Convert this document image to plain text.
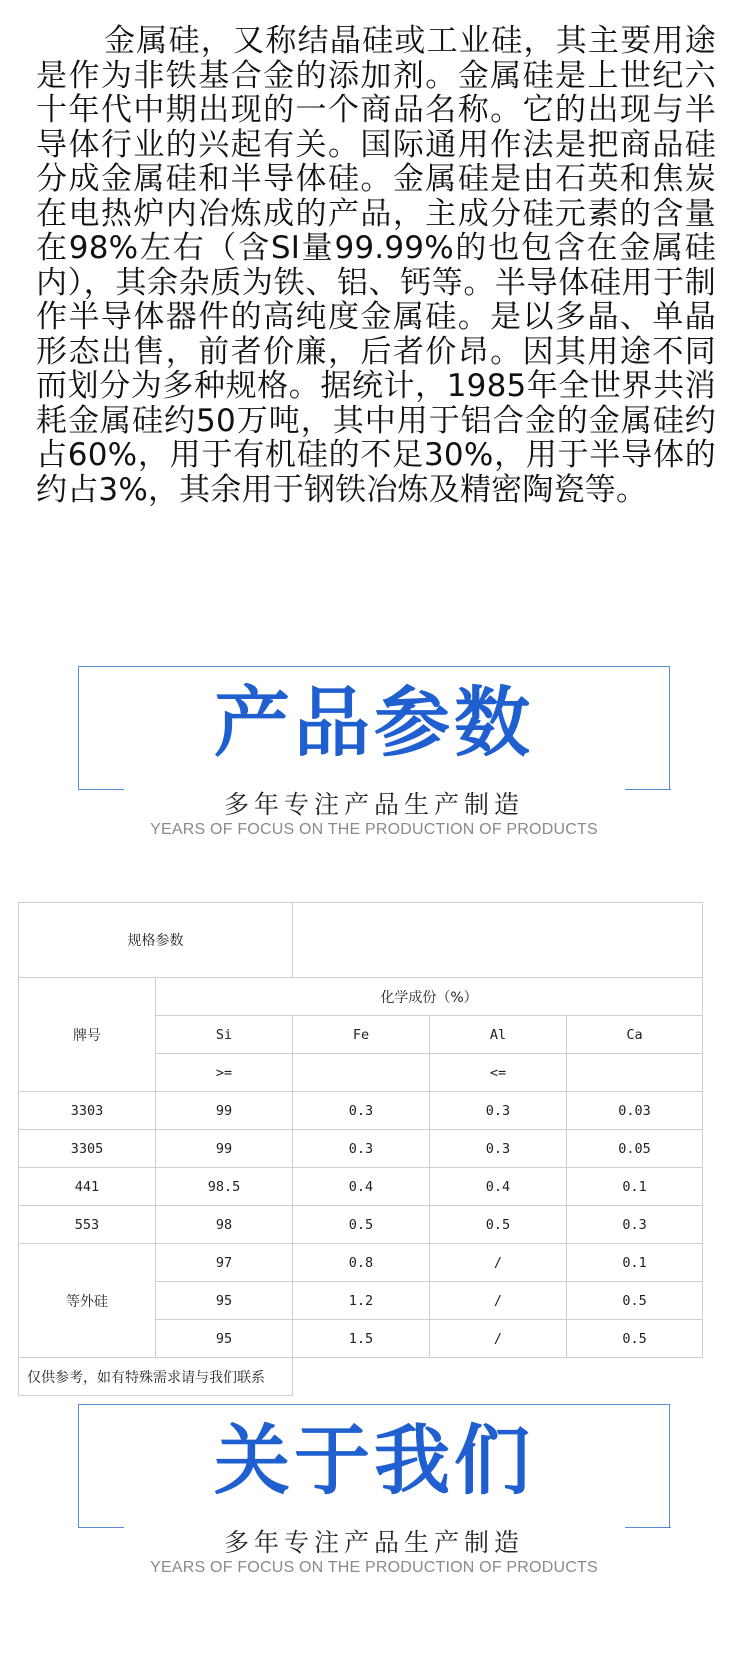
金属硅，又称结晶硅或工业硅，其主要用途是作为非铁基合金的添加剂。金属硅是上世纪六十年代中期出现的一个商品名称。它的出现与半导体行业的兴起有关。国际通用作法是把商品硅分成金属硅和半导体硅。金属硅是由石英和焦炭在电热炉内冶炼成的产品，主成分硅元素的含量在98%左右（含SI量99.99%的也包含在金属硅内），其余杂质为铁、铝、钙等。半导体硅用于制作半导体器件的高纯度金属硅。是以多晶、单晶形态出售，前者价廉，后者价昂。因其用途不同而划分为多种规格。据统计，1985年全世界共消耗金属硅约50万吨，其中用于铝合金的金属硅约占60%，用于有机硅的不足30%，用于半导体的约占3%，其余用于钢铁冶炼及精密陶瓷等。

产品参数
多年专注产品生产制造
YEARS OF FOCUS ON THE PRODUCTION OF PRODUCTS
规格参数				
牌号	化学成份（%）			
	Si	Fe	Al	Ca
	>=		<=	
3303	99	0.3	0.3	0.03
3305	99	0.3	0.3	0.05
441	98.5	0.4	0.4	0.1
553	98	0.5	0.5	0.3
等外硅	97	0.8	/	0.1
	95	1.2	/	0.5
	95	1.5	/	0.5
仅供参考，如有特殊需求请与我们联系				
关于我们
多年专注产品生产制造
YEARS OF FOCUS ON THE PRODUCTION OF PRODUCTS
